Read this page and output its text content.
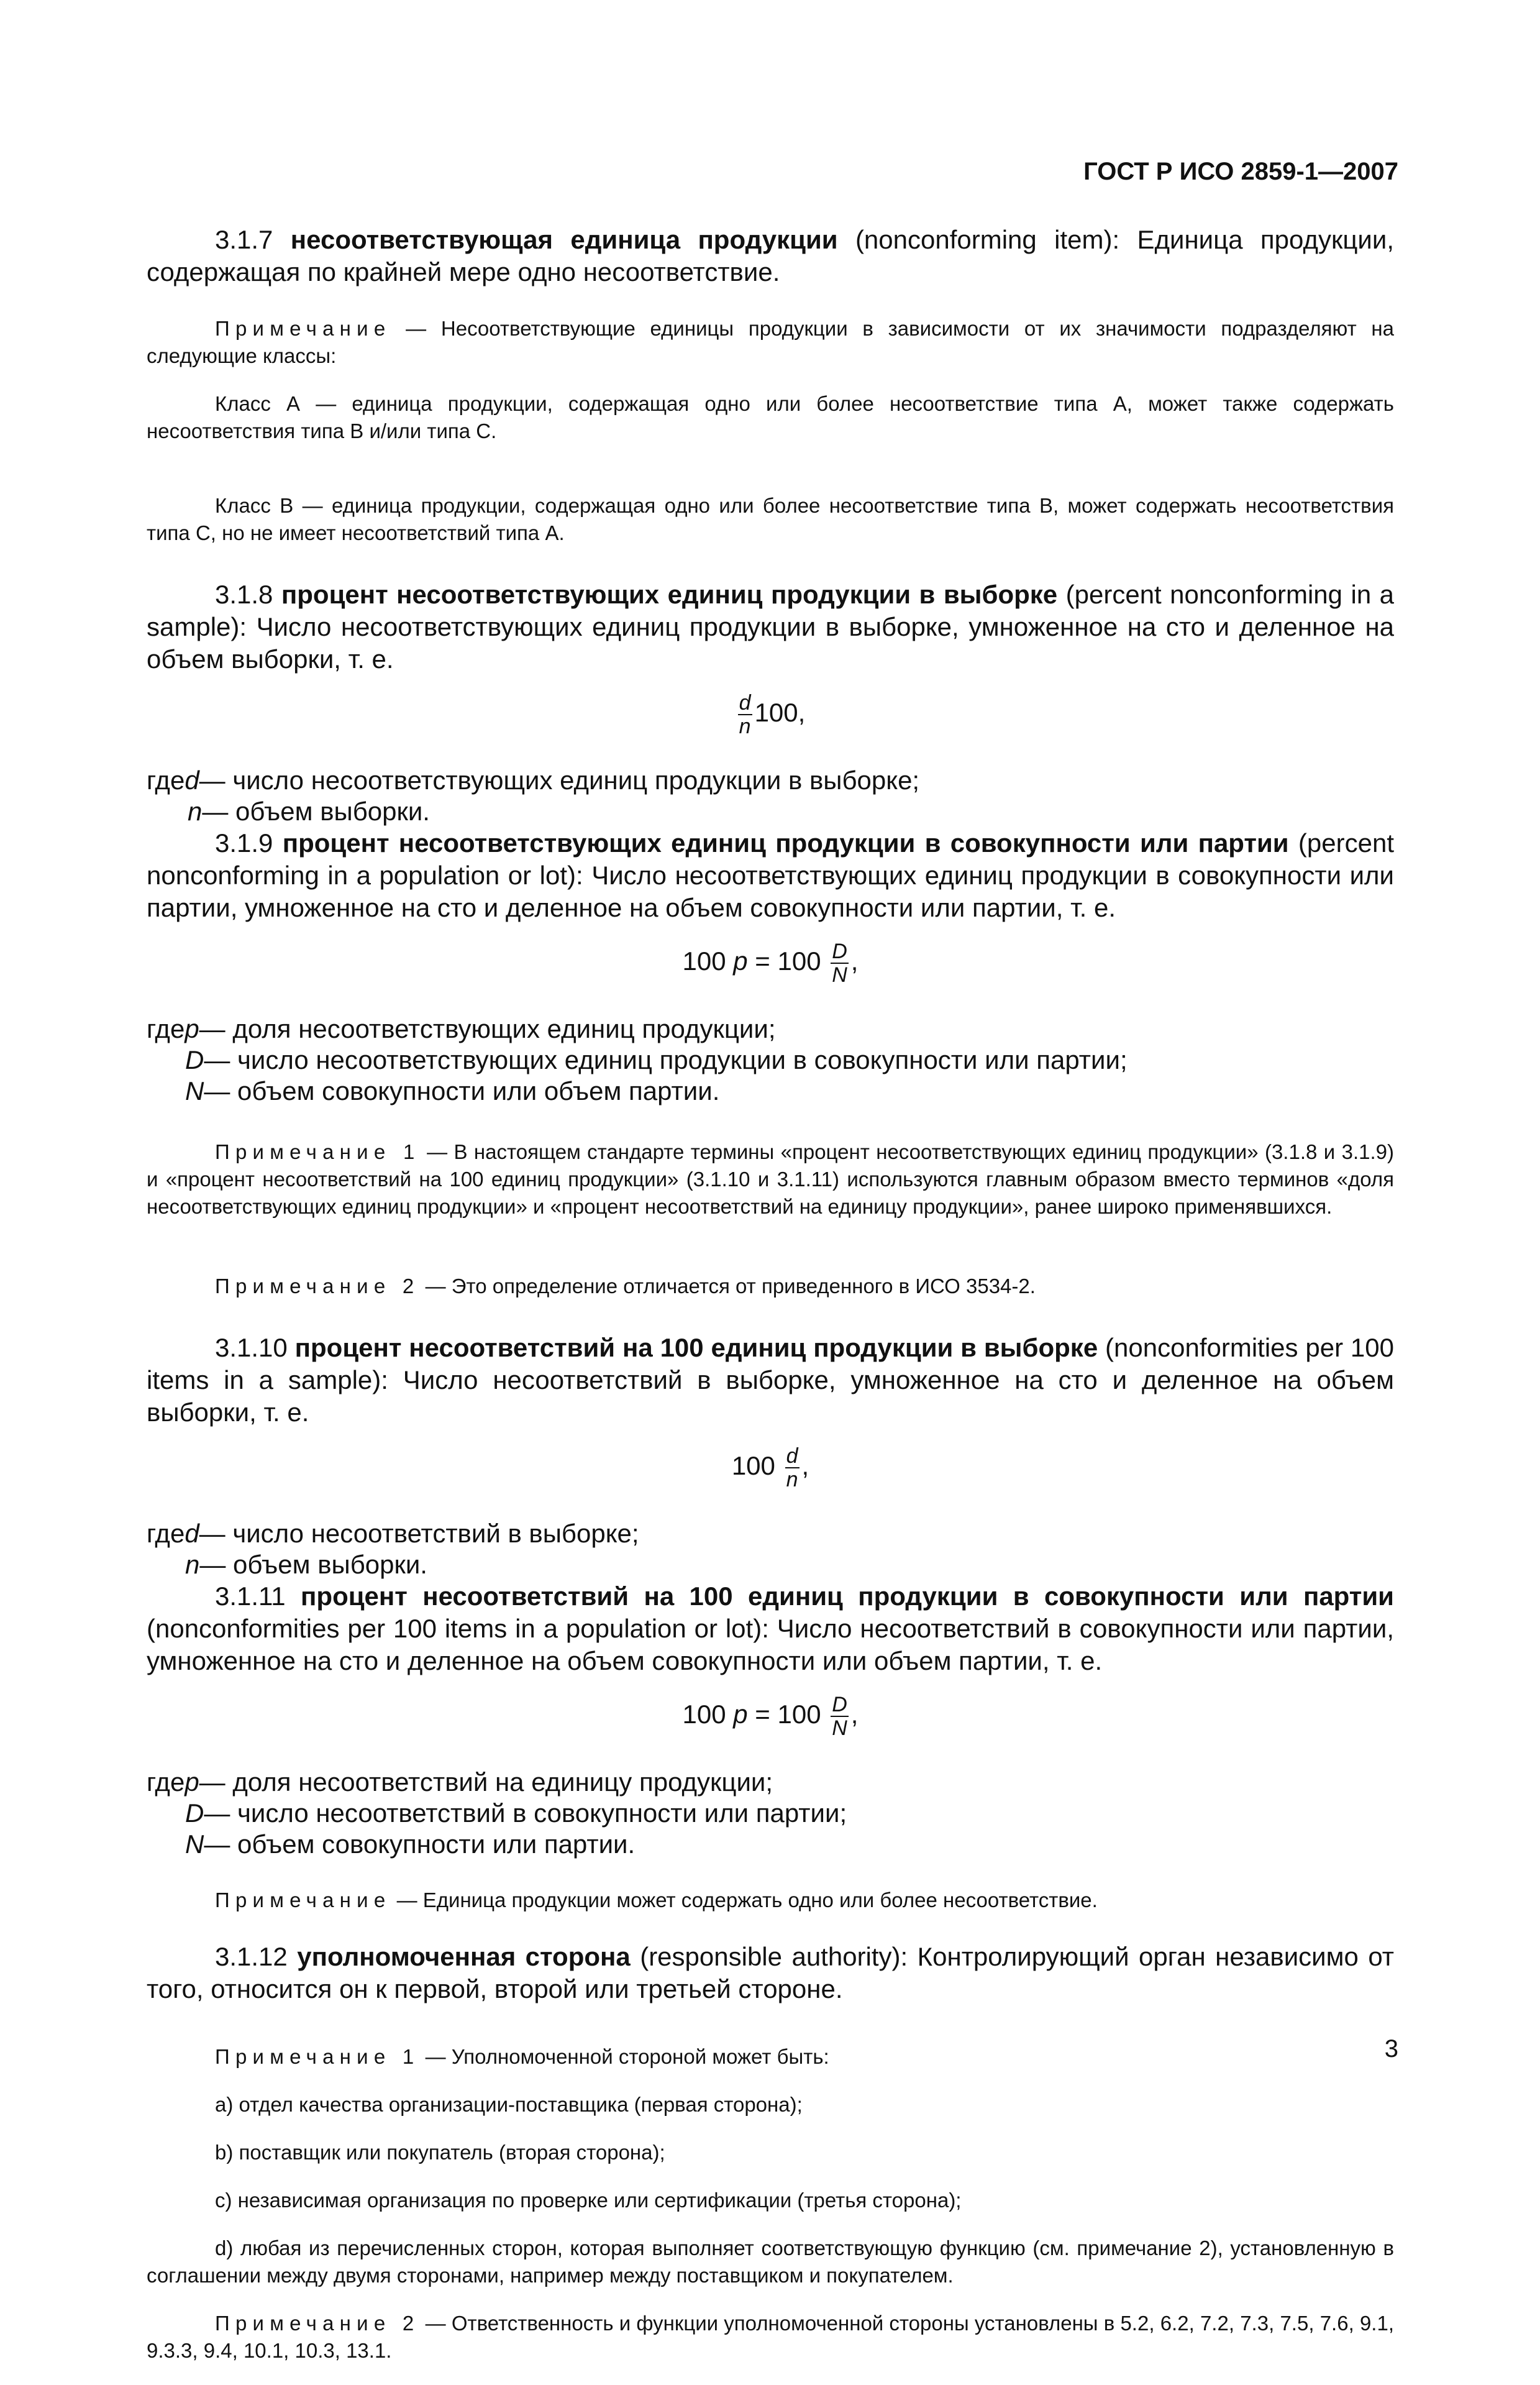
ГОСТ Р ИСО 2859-1—2007

3.1.7 несоответствующая единица продукции (nonconforming item): Единица продукции, содержащая по крайней мере одно несоответствие.

Примечание — Несоответствующие единицы продукции в зависимости от их значимости подразделяют на следующие классы:

Класс А — единица продукции, содержащая одно или более несоответствие типа А, может также содержать несоответствия типа В и/или типа С.

Класс В — единица продукции, содержащая одно или более несоответствие типа В, может содержать несоответствия типа С, но не имеет несоответствий типа А.

3.1.8 процент несоответствующих единиц продукции в выборке (percent nonconforming in a sample): Число несоответствующих единиц продукции в выборке, умноженное на сто и деленное на объем выборки, т. е.

$\frac{d}{n} 100$,
где d — число несоответствующих единиц продукции в выборке;
n — объем выборки.

3.1.9 процент несоответствующих единиц продукции в совокупности или партии (percent nonconforming in a population or lot): Число несоответствующих единиц продукции в совокупности или партии, умноженное на сто и деленное на объем совокупности или партии, т. е.

100 $p = 100 \frac{D}{N}$ ,
где p — доля несоответствующих единиц продукции;
D — число несоответствующих единиц продукции в совокупности или партии;
N — объем совокупности или объем партии.

Примечание 1 — В настоящем стандарте термины «процент несоответствующих единиц продукции» (3.1.8 и 3.1.9) и «процент несоответствий на 100 единиц продукции» (3.1.10 и 3.1.11) используются главным образом вместо терминов «доля несоответствующих единиц продукции» и «процент несоответствий на единицу продукции», ранее широко применявшихся.

Примечание 2 — Это определение отличается от приведенного в ИСО 3534-2.

3.1.10 процент несоответствий на 100 единиц продукции в выборке (nonconformities per 100 items in a sample): Число несоответствий в выборке, умноженное на сто и деленное на объем выборки, т. е.

$100 \frac{d}{n}$ ,
где d — число несоответствий в выборке;
n — объем выборки.

3.1.11 процент несоответствий на 100 единиц продукции в совокупности или партии (nonconformities per 100 items in a population or lot): Число несоответствий в совокупности или партии, умноженное на сто и деленное на объем совокупности или объем партии, т. е.

100 $p = 100 \frac{D}{N}$ ,
где p — доля несоответствий на единицу продукции;
D — число несоответствий в совокупности или партии;
N — объем совокупности или партии.

Примечание — Единица продукции может содержать одно или более несоответствие.

3.1.12 уполномоченная сторона (responsible authority): Контролирующий орган независимо от того, относится он к первой, второй или третьей стороне.

Примечание 1 — Уполномоченной стороной может быть:

a) отдел качества организации-поставщика (первая сторона);

b) поставщик или покупатель (вторая сторона);

c) независимая организация по проверке или сертификации (третья сторона);

d) любая из перечисленных сторон, которая выполняет соответствующую функцию (см. примечание 2), установленную в соглашении между двумя сторонами, например между поставщиком и покупателем.

Примечание 2 — Ответственность и функции уполномоченной стороны установлены в 5.2, 6.2, 7.2, 7.3, 7.5, 7.6, 9.1, 9.3.3, 9.4, 10.1, 10.3, 13.1.

3
